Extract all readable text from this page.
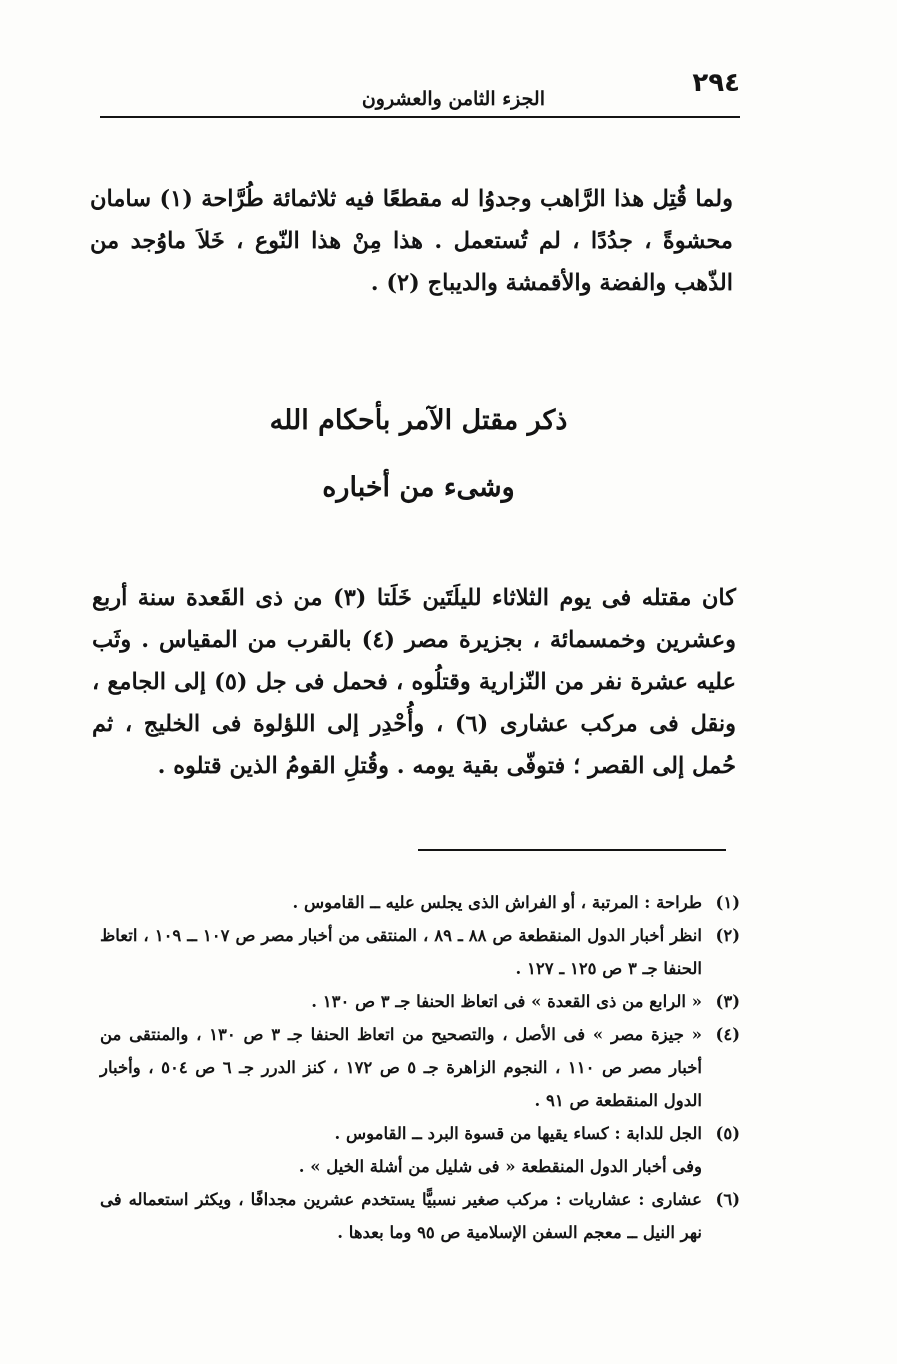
٢٩٤
الجزء الثامن والعشرون

ولما قُتِل هذا الرَّاهب وجدوُا له مقطعًا فيه ثلاثمائة طُرَّاحة (١) سامان محشوةً ، جدُدًا ، لم تُستعمل . هذا مِنْ هذا النّوع ، خَلاَ ماوُجد من الذّهب والفضة والأقمشة والديباج (٢) .

ذكر مقتل الآمر بأحكام الله
وشىء من أخباره

كان مقتله فى يوم الثلاثاء لليلَتَين خَلَتا (٣) من ذى القَعدة سنة أربع وعشرين وخمسمائة ، بجزيرة مصر (٤) بالقرب من المقياس . وثَب عليه عشرة نفر من النّزارية وقتلُوه ، فحمل فى جل (٥) إلى الجامع ، ونقل فى مركب عشارى (٦) ، وأُحْدِر إلى اللؤلوة فى الخليج ، ثم حُمل إلى القصر ؛ فتوفّى بقية يومه . وقُتلِ القومُ الذين قتلوه .

(١)
طراحة : المرتبة ، أو الفراش الذى يجلس عليه ــ القاموس .
(٢)
انظر أخبار الدول المنقطعة ص ٨٨ ـ ٨٩ ، المنتقى من أخبار مصر ص ١٠٧ ــ ١٠٩ ، اتعاظ الحنفا جـ ٣ ص ١٢٥ ـ ١٢٧ .
(٣)
« الرابع من ذى القعدة » فى اتعاظ الحنفا جـ ٣ ص ١٣٠ .
(٤)
« جيزة مصر » فى الأصل ، والتصحيح من اتعاظ الحنفا جـ ٣ ص ١٣٠ ، والمنتقى من أخبار مصر ص ١١٠ ، النجوم الزاهرة جـ ٥ ص ١٧٢ ، كنز الدرر جـ ٦ ص ٥٠٤ ، وأخبار الدول المنقطعة ص ٩١ .
(٥)
الجل للدابة : كساء يقيها من قسوة البرد ــ القاموس .
وفى أخبار الدول المنقطعة « فى شليل من أشلة الخيل » .
(٦)
عشارى : عشاريات : مركب صغير نسبيًّا يستخدم عشرين مجدافًا ، ويكثر استعماله فى نهر النيل ــ معجم السفن الإسلامية ص ٩٥ وما بعدها .
